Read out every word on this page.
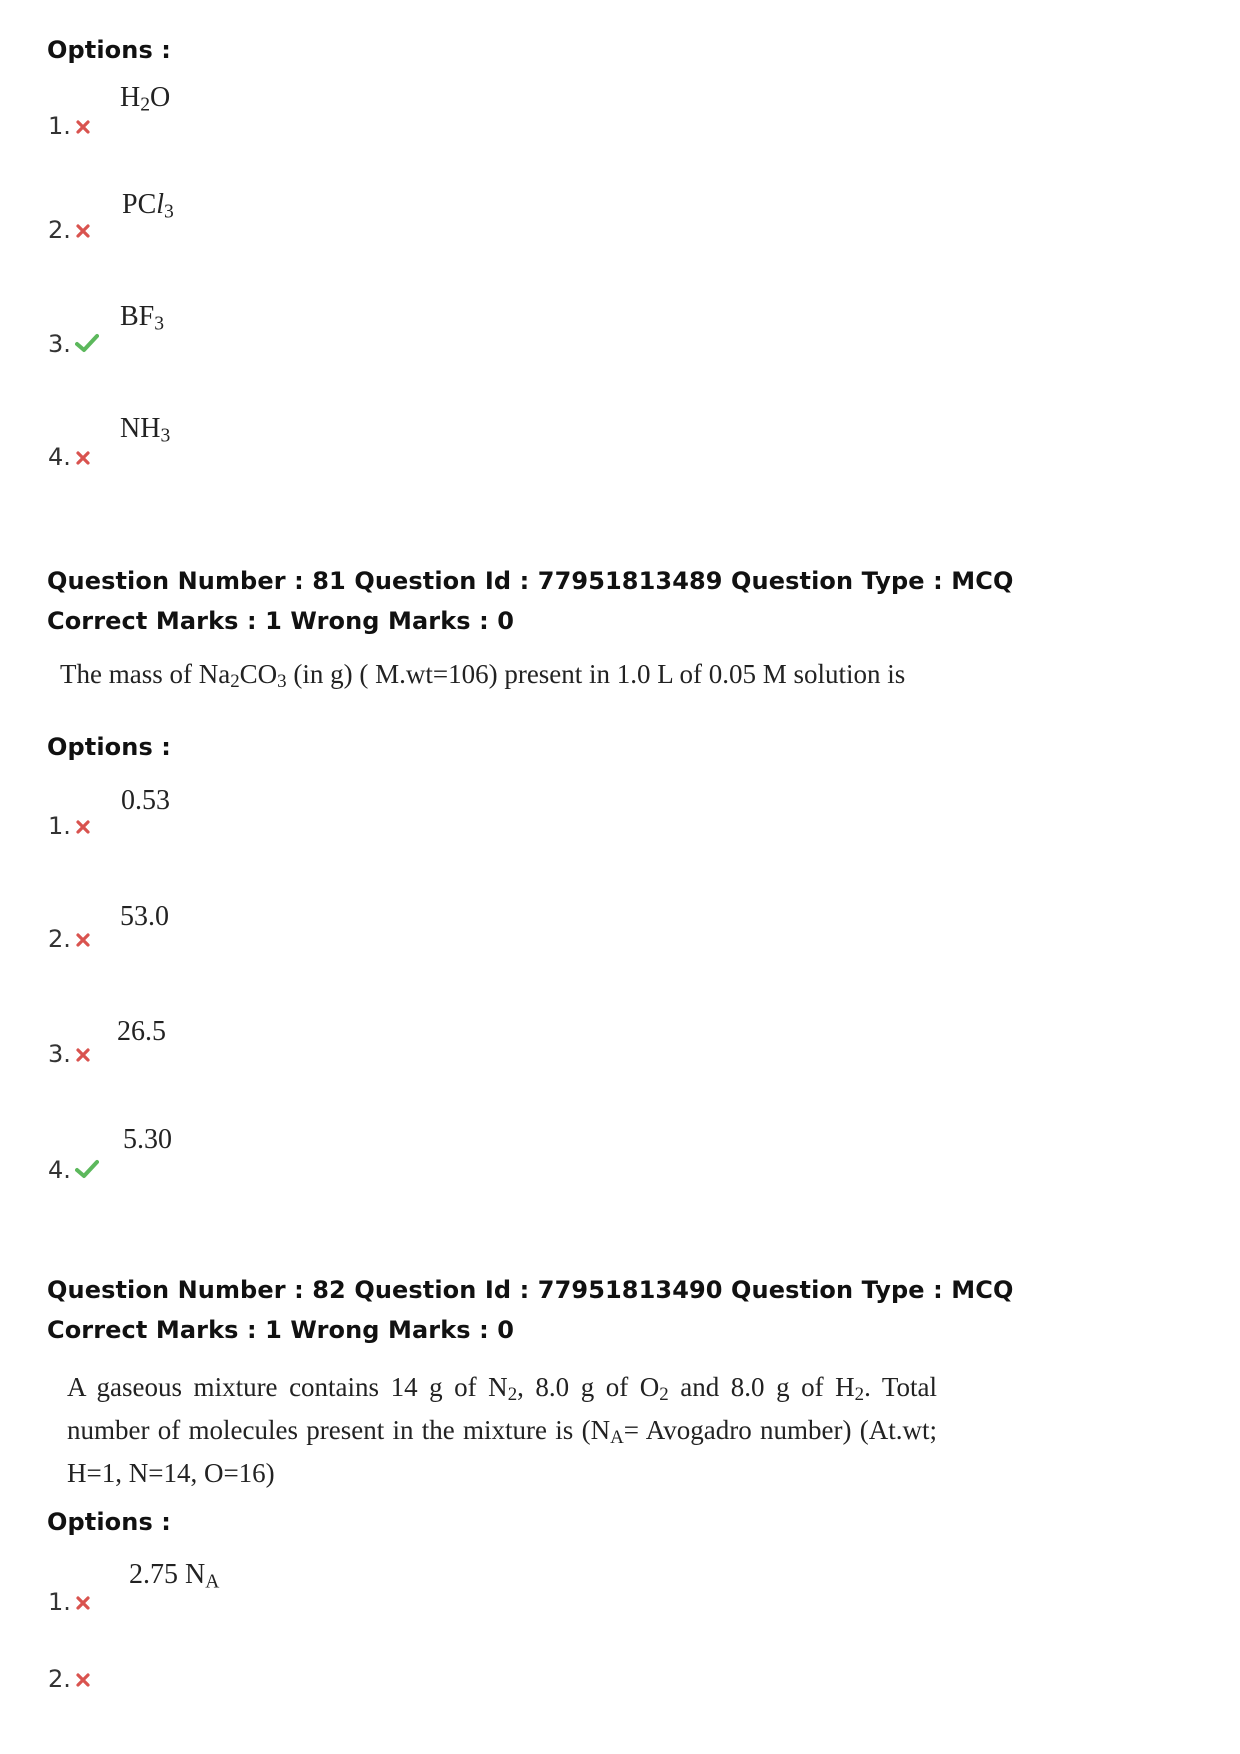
Options :
1.
$H_2O$
2.
PCl$_3$
3.
$BF_3$
4.
$NH_3$
Question Number : 81 Question Id : 77951813489 Question Type : MCQ
Correct Marks : 1 Wrong Marks : 0
The mass of $Na_2CO_3$ (in g) ( M.wt=106) present in 1.0 L of 0.05 M solution is
Options :
1.
0.53
2.
53.0
3.
26.5
4.
5.30
Question Number : 82 Question Id : 77951813490 Question Type : MCQ
Correct Marks : 1 Wrong Marks : 0
A gaseous mixture contains 14 g of $N_2$, 8.0 g of $O_2$ and 8.0 g of $H_2$. Total number of molecules present in the mixture is ($N_A=$ Avogadro number) (At.wt; H=1, N=14, O=16)
Options :
1.
2.75 $N_A$
2.
